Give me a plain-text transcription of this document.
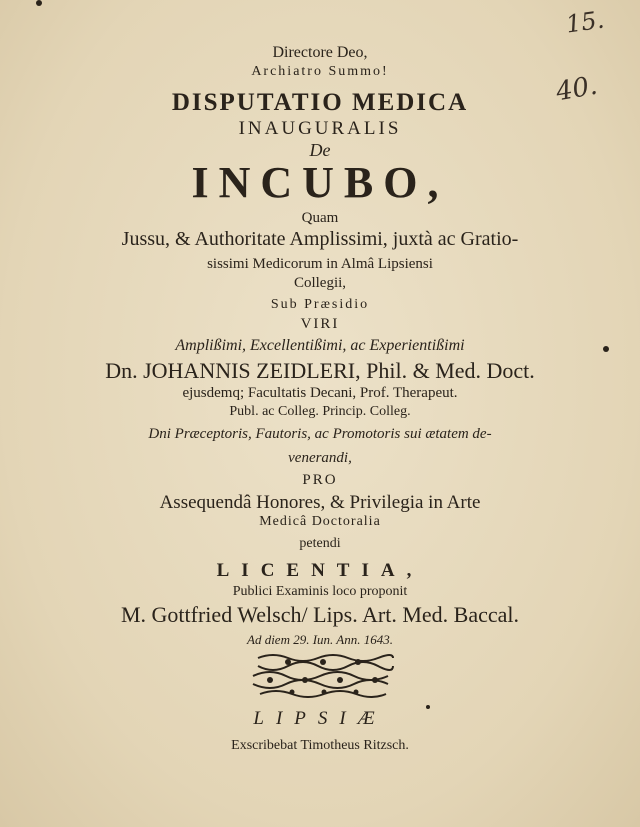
15.
40.
Directore Deo,
Archiatro Summo!
DISPUTATIO MEDICA
INAUGURALIS
De
INCUBO,
Quam
Jussu, & Authoritate Amplissimi, juxtà ac Gratio-
sissimi Medicorum in Almâ Lipsiensi
Collegii,
Sub Præsidio
VIRI
Amplißimi, Excellentißimi, ac Experientißimi
Dn. JOHANNIS ZEIDLERI, Phil. & Med. Doct.
ejusdemq; Facultatis Decani, Prof. Therapeut.
Publ. ac Colleg. Princip. Colleg.
Dni Præceptoris, Fautoris, ac Promotoris sui ætatem de-
venerandi,
PRO
Assequendâ Honores, & Privilegia in Arte
Medicâ Doctoralia
petendi
LICENTIA,
Publici Examinis loco proponit
M. Gottfried Welsch/ Lips. Art. Med. Baccal.
Ad diem 29. Iun. Ann. 1643.
LIPSIÆ
Exscribebat Timotheus Ritzsch.
